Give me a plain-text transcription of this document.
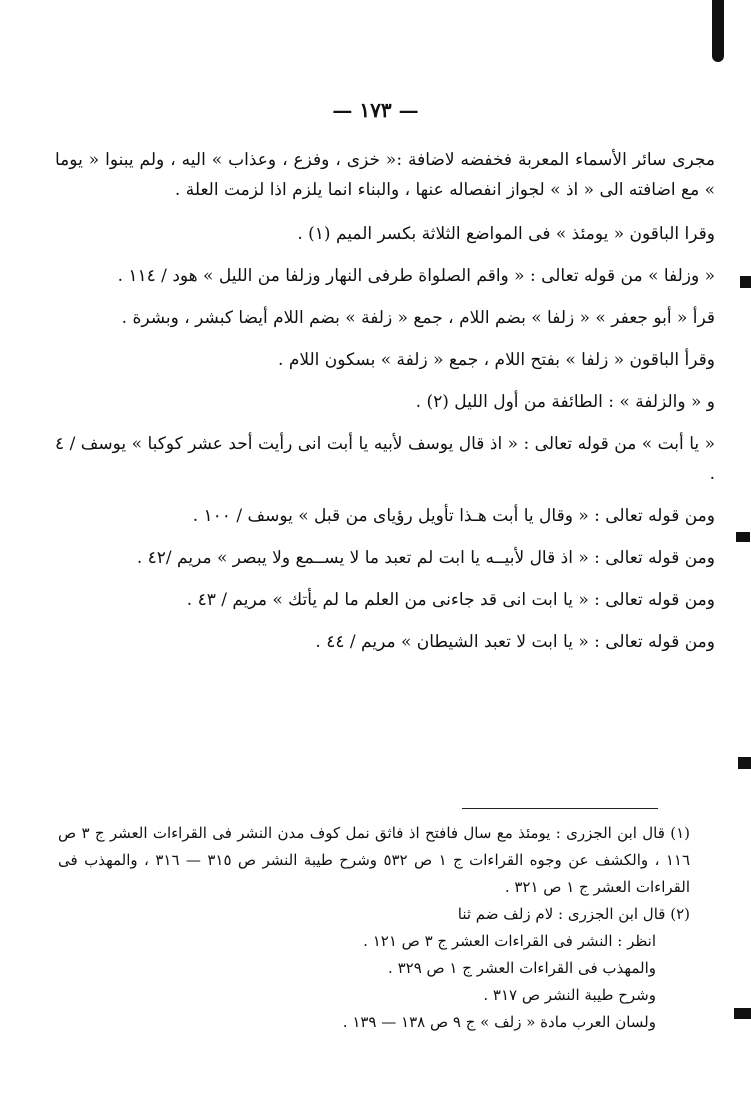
— ١٧٣ —

مجرى سائر الأسماء المعربة فخفضه لاضافة :« خزى ، وفزع ، وعذاب » اليه ، ولم يبنوا « يوما » مع اضافته الى « اذ » لجواز انفصاله عنها ، والبناء انما يلزم اذا لزمت العلة .

وقرا الباقون « يومئذ » فى المواضع الثلاثة بكسر الميم (١) .

« وزلفا » من قوله تعالى : « واقم الصلواة طرفى النهار وزلفا من الليل » هود / ١١٤ .

قرأ « أبو جعفر » « زلفا » بضم اللام ، جمع « زلفة » بضم اللام أيضا كبشر ، وبشرة .

وقرأ الباقون « زلفا » بفتح اللام ، جمع « زلفة » بسكون اللام .

و « والزلفة » : الطائفة من أول الليل (٢) .

« يا أبت » من قوله تعالى : « اذ قال يوسف لأبيه يا أبت انى رأيت أحد عشر كوكبا » يوسف / ٤ .

ومن قوله تعالى : « وقال يا أبت هـذا تأويل رؤياى من قبل » يوسف / ١٠٠ .

ومن قوله تعالى : « اذ قال لأبيــه يا ابت لم تعبد ما لا يســمع ولا يبصر » مريم /٤٢ .

ومن قوله تعالى : « يا ابت انى قد جاءنى من العلم ما لم يأتك » مريم / ٤٣ .

ومن قوله تعالى : « يا ابت لا تعبد الشيطان » مريم / ٤٤ .

(١) قال ابن الجزرى : يومئذ مع سال فافتح اذ فاثق نمل كوف مدن النشر فى القراءات العشر ج ٣ ص ١١٦ ، والكشف عن وجوه القراءات ج ١ ص ٥٣٢ وشرح طيبة النشر ص ٣١٥ — ٣١٦ ، والمهذب فى القراءات العشر ج ١ ص ٣٢١ .

(٢) قال ابن الجزرى : لام زلف ضم ثنا

انظر : النشر فى القراءات العشر ج ٣ ص ١٢١ .

والمهذب فى القراءات العشر ج ١ ص ٣٢٩ .

وشرح طيبة النشر ص ٣١٧ .

ولسان العرب مادة « زلف » ج ٩ ص ١٣٨ — ١٣٩ .
